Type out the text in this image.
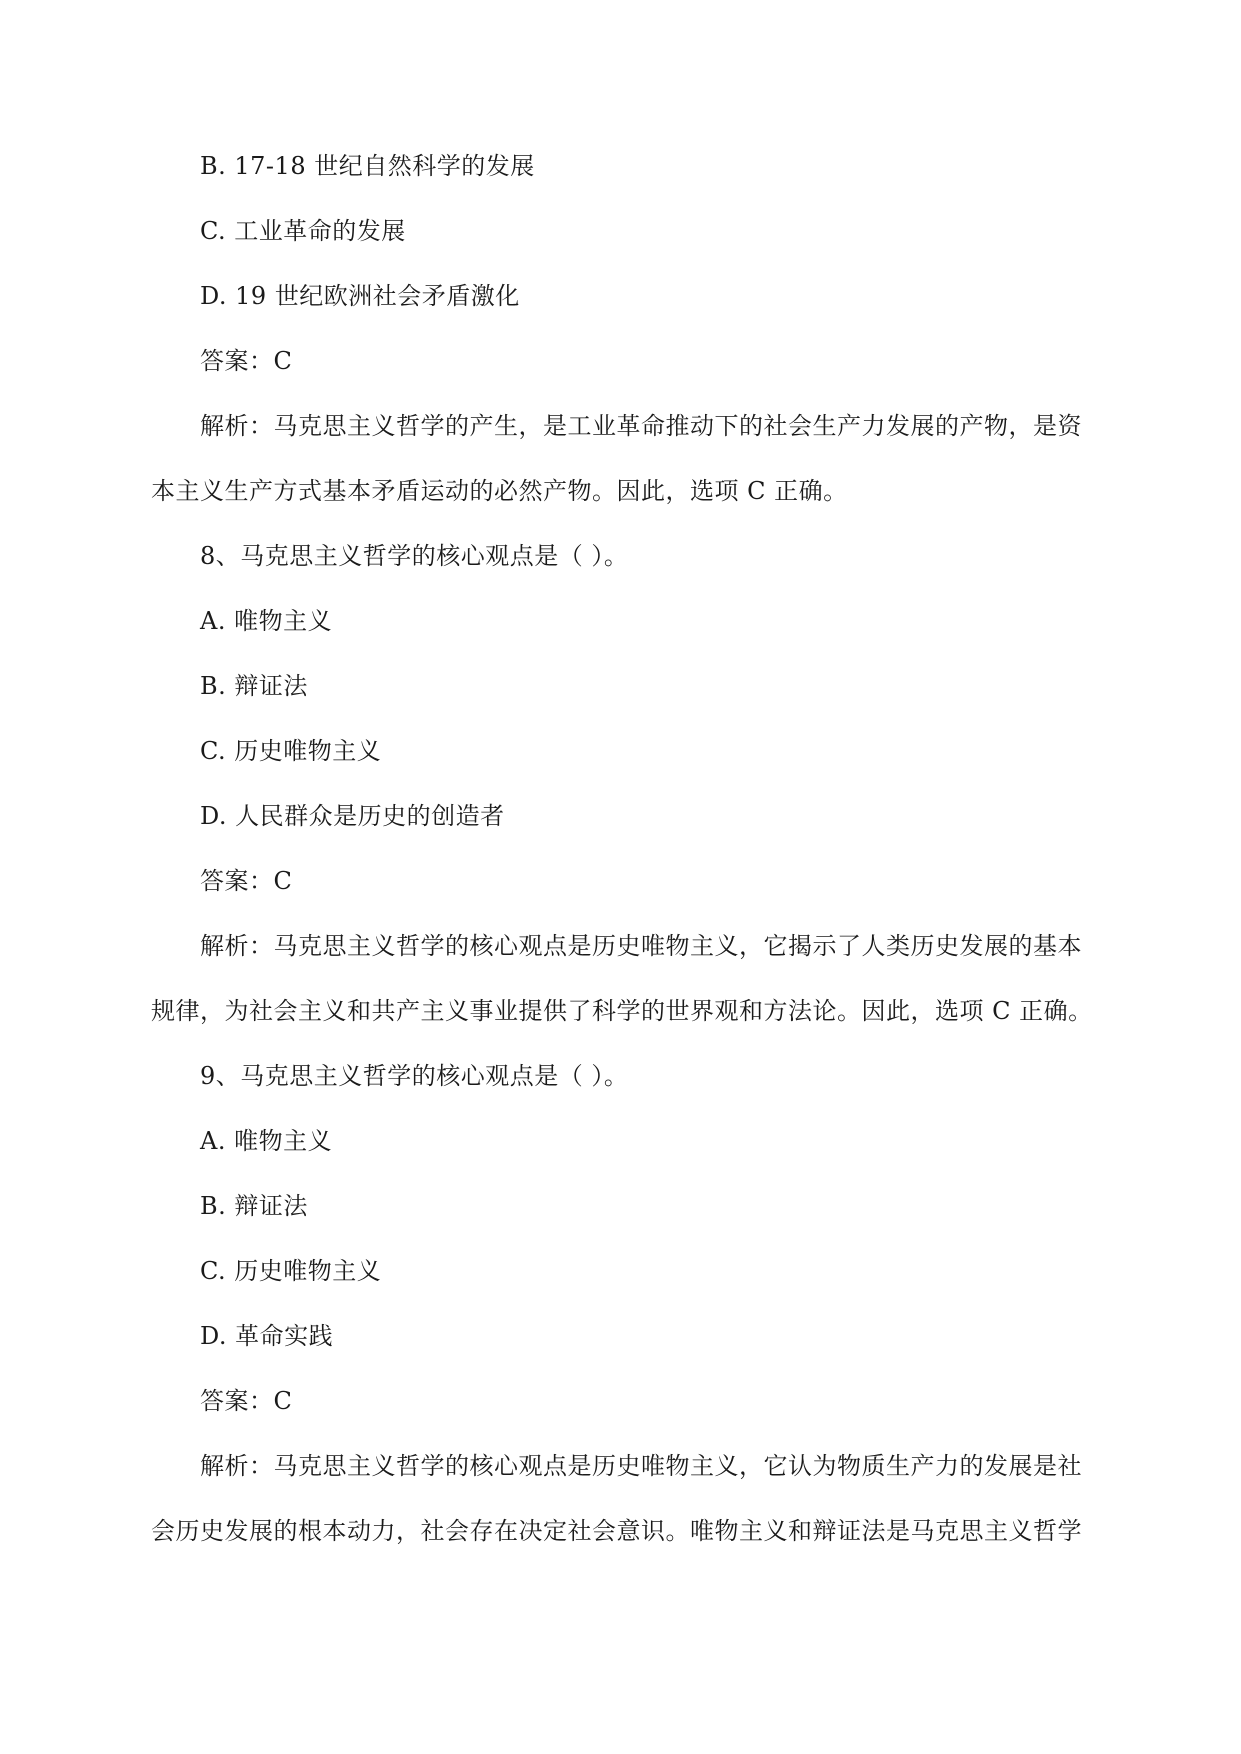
B. 17-18 世纪自然科学的发展
C. 工业革命的发展
D. 19 世纪欧洲社会矛盾激化
答案：C
解析：马克思主义哲学的产生，是工业革命推动下的社会生产力发展的产物，是资
本主义生产方式基本矛盾运动的必然产物。因此，选项 C 正确。
8、马克思主义哲学的核心观点是（ ）。
A. 唯物主义
B. 辩证法
C. 历史唯物主义
D. 人民群众是历史的创造者
答案：C
解析：马克思主义哲学的核心观点是历史唯物主义，它揭示了人类历史发展的基本
规律，为社会主义和共产主义事业提供了科学的世界观和方法论。因此，选项 C 正确。
9、马克思主义哲学的核心观点是（ ）。
A. 唯物主义
B. 辩证法
C. 历史唯物主义
D. 革命实践
答案：C
解析：马克思主义哲学的核心观点是历史唯物主义，它认为物质生产力的发展是社
会历史发展的根本动力，社会存在决定社会意识。唯物主义和辩证法是马克思主义哲学
